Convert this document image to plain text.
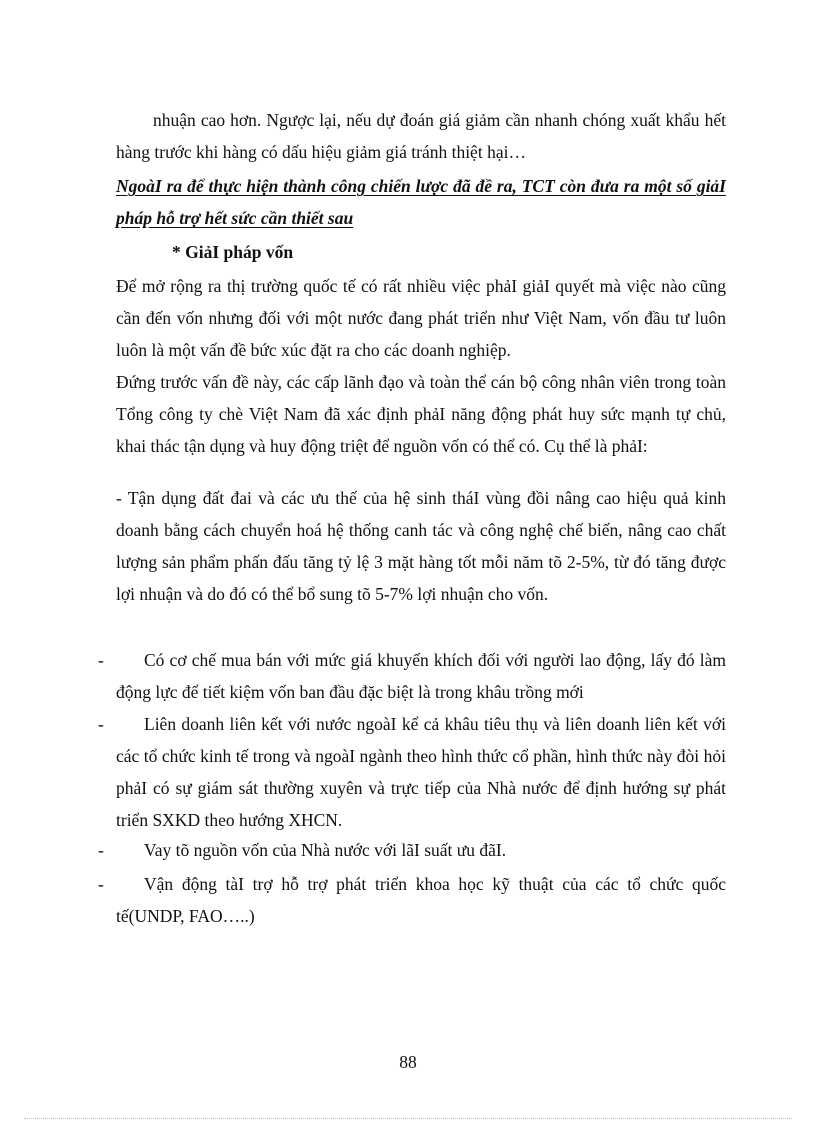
nhuận cao hơn. Ngược lại, nếu dự đoán giá giảm cần nhanh chóng xuất khẩu hết hàng trước khi hàng có dấu hiệu giảm giá tránh thiệt hại…

NgoàI ra để thực hiện thành công chiến lược đã đề ra, TCT còn đưa ra một số giảI pháp hỗ trợ hết sức cần thiết sau

* GiảI pháp vốn

Để mở rộng ra thị trường quốc tế có rất nhiều việc phảI giảI quyết mà việc nào cũng cần đến vốn nhưng đối với một nước đang phát triển như Việt Nam, vốn đầu tư luôn luôn là một vấn đề bức xúc đặt ra cho các doanh nghiệp.

Đứng trước vấn đề này, các cấp lãnh đạo và toàn thể cán bộ công nhân viên trong toàn Tổng công ty chè Việt Nam đã xác định phảI năng động phát huy sức mạnh tự chủ, khai thác tận dụng và huy động triệt để nguồn vốn có thể có. Cụ thể là phảI:

- Tận dụng đất đai và các ưu thế của hệ sinh tháI vùng đồi nâng cao hiệu quả kinh doanh bằng cách chuyển hoá hệ thống canh tác và công nghệ chế biến, nâng cao chất lượng sản phẩm phấn đấu tăng tỷ lệ 3 mặt hàng tốt mỗi năm tõ 2-5%, từ đó tăng được lợi nhuận và do đó có thể bổ sung tõ 5-7% lợi nhuận cho vốn.

-	Có cơ chế mua bán với mức giá khuyến khích đối với người lao động, lấy đó làm động lực để tiết kiệm vốn ban đầu đặc biệt là trong khâu trồng mới

-	Liên doanh liên kết với nước ngoàI kể cả khâu tiêu thụ và liên doanh liên kết với các tổ chức kinh tế trong và ngoàI ngành theo hình thức cổ phần, hình thức này đòi hỏi phảI có sự giám sát thường xuyên và trực tiếp của Nhà nước để định hướng sự phát triển SXKD theo hướng XHCN.

-	Vay tõ nguồn vốn của Nhà nước với lãI suất ưu đãI.

-	Vận động tàI trợ hỗ trợ phát triển khoa học kỹ thuật của các tổ chức quốc tế(UNDP, FAO…..)

88
